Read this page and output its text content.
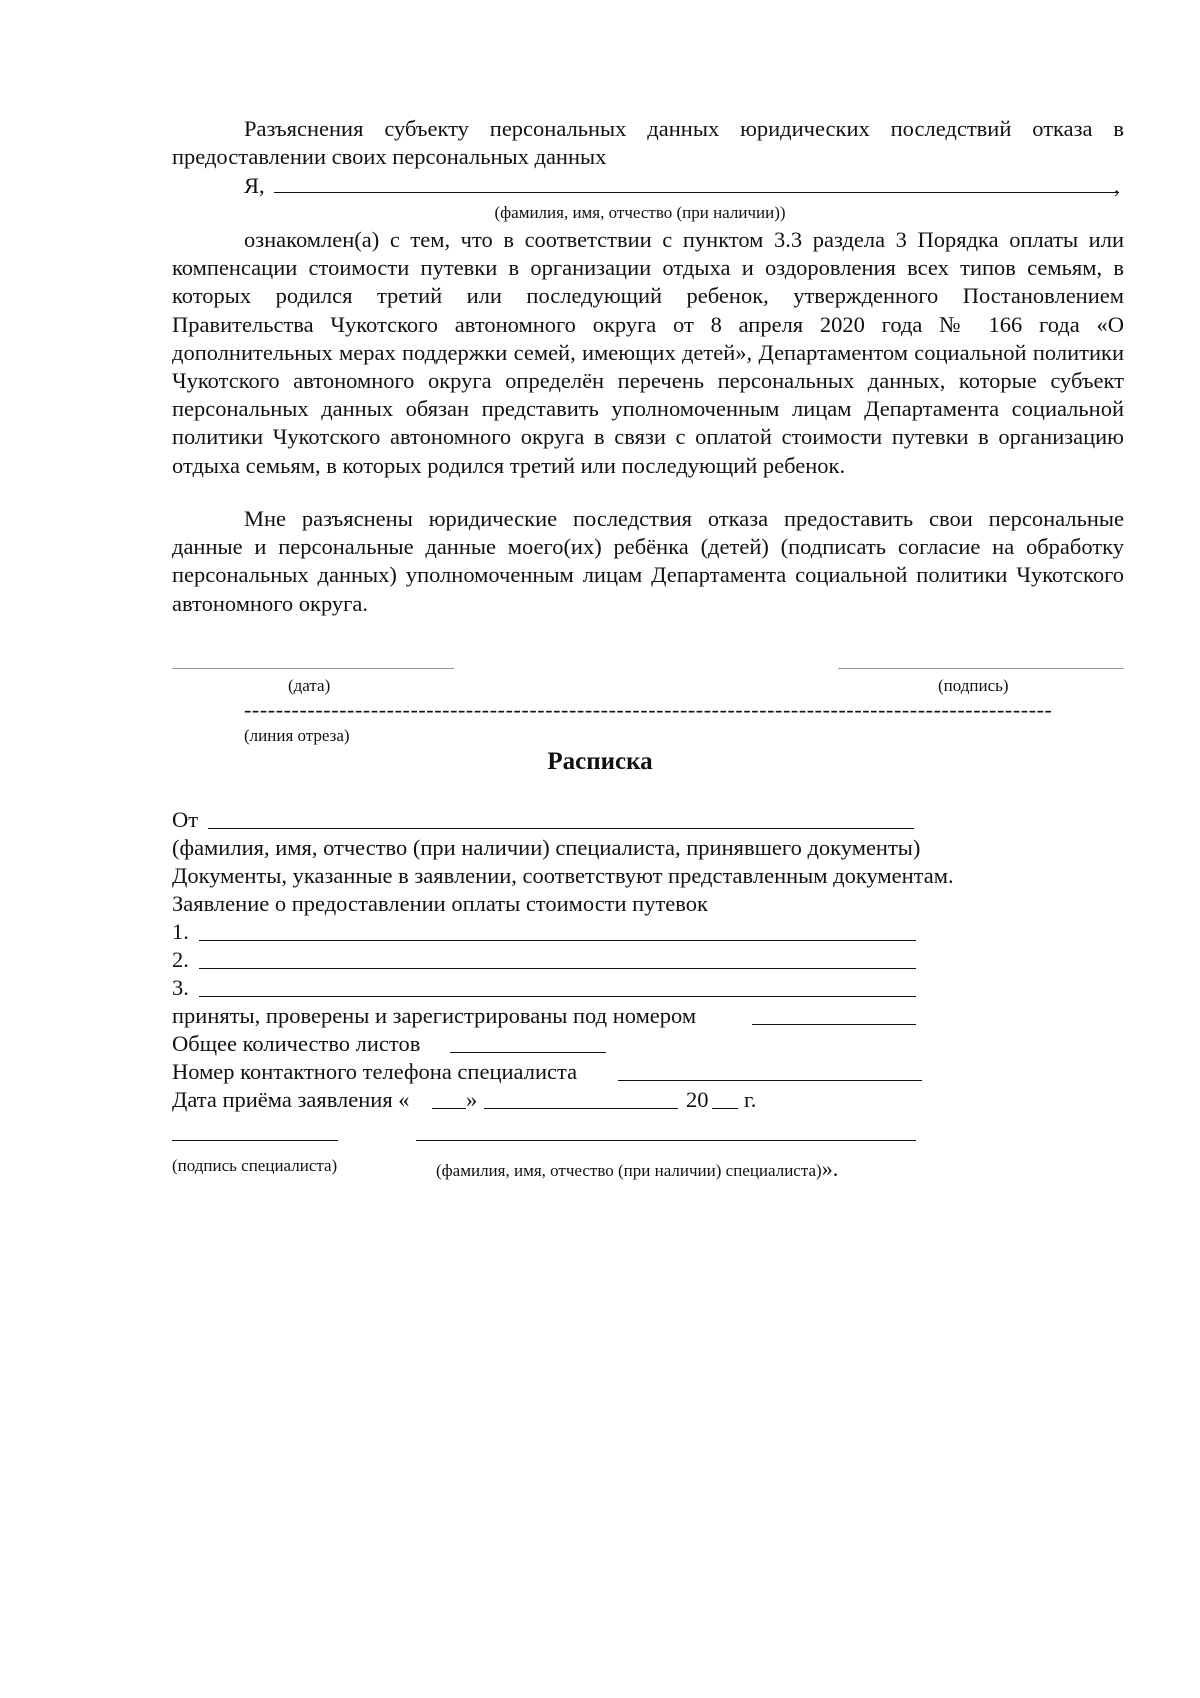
Разъяснения субъекту персональных данных юридических последствий отказа в предоставлении своих персональных данных
Я,	,
(фамилия, имя, отчество (при наличии))
ознакомлен(а) с тем, что в соответствии с пунктом 3.3 раздела 3 Порядка оплаты или компенсации стоимости путевки в организации отдыха и оздоровления всех типов семьям, в которых родился третий или последующий ребенок, утвержденного Постановлением Правительства Чукотского автономного округа от 8 апреля 2020 года № 166 года «О дополнительных мерах поддержки семей, имеющих детей», Департаментом социальной политики Чукотского автономного округа определён перечень персональных данных, которые субъект персональных данных обязан представить уполномоченным лицам Департамента социальной политики Чукотского автономного округа в связи с оплатой стоимости путевки в организацию отдыха семьям, в которых родился третий или последующий ребенок.
Мне разъяснены юридические последствия отказа предоставить свои персональные данные и персональные данные моего(их) ребёнка (детей) (подписать согласие на обработку персональных данных) уполномоченным лицам Департамента социальной политики Чукотского автономного округа.
(дата)	(подпись)
------------------------------------------------------------------------------------------------------
(линия отреза)
Расписка
От
(фамилия, имя, отчество (при наличии) специалиста, принявшего документы)
Документы, указанные в заявлении, соответствуют представленным документам.
Заявление о предоставлении оплаты стоимости путевок
1.
2.
3.
приняты, проверены и зарегистрированы под номером
Общее количество листов
Номер контактного телефона специалиста
Дата приёма заявления «	»	20 г.
(подпись специалиста)	(фамилия, имя, отчество (при наличии) специалиста)».
